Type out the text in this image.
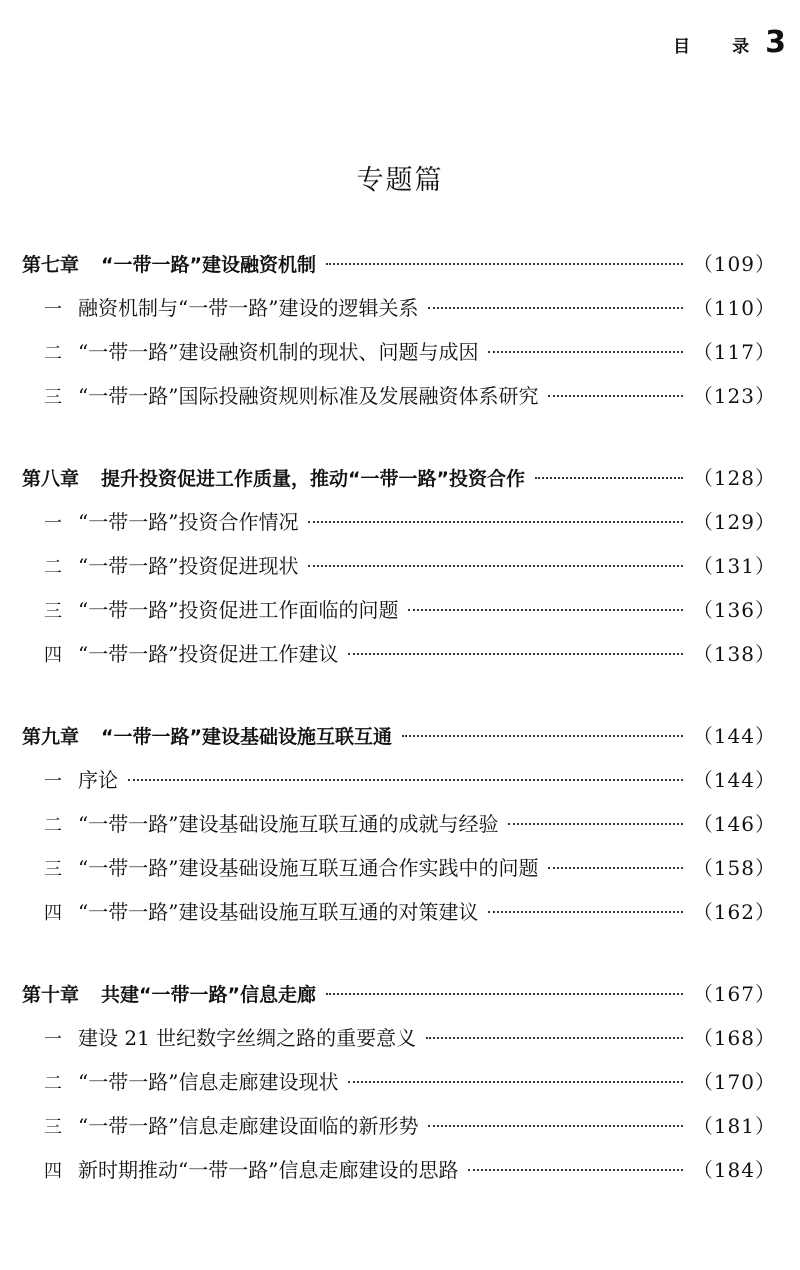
目 录 3
专题篇
第七章 “一带一路”建设融资机制	（109）
一 融资机制与“一带一路”建设的逻辑关系	（110）
二 “一带一路”建设融资机制的现状、问题与成因	（117）
三 “一带一路”国际投融资规则标准及发展融资体系研究	（123）
第八章 提升投资促进工作质量，推动“一带一路”投资合作	（128）
一 “一带一路”投资合作情况	（129）
二 “一带一路”投资促进现状	（131）
三 “一带一路”投资促进工作面临的问题	（136）
四 “一带一路”投资促进工作建议	（138）
第九章 “一带一路”建设基础设施互联互通	（144）
一 序论	（144）
二 “一带一路”建设基础设施互联互通的成就与经验	（146）
三 “一带一路”建设基础设施互联互通合作实践中的问题	（158）
四 “一带一路”建设基础设施互联互通的对策建议	（162）
第十章 共建“一带一路”信息走廊	（167）
一 建设 21 世纪数字丝绸之路的重要意义	（168）
二 “一带一路”信息走廊建设现状	（170）
三 “一带一路”信息走廊建设面临的新形势	（181）
四 新时期推动“一带一路”信息走廊建设的思路	（184）
